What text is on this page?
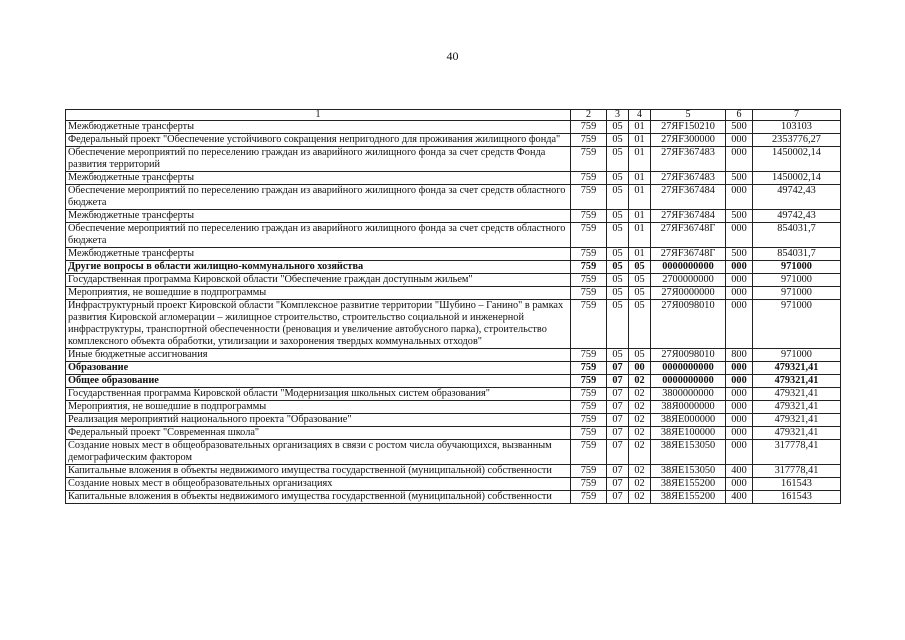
40
1	2	3	4	5	6	7
Межбюджетные трансферты	759	05	01	27ЯF150210	500	103103
Федеральный проект "Обеспечение устойчивого сокращения непригодного для проживания жилищного фонда"	759	05	01	27ЯF300000	000	2353776,27
Обеспечение мероприятий по переселению граждан из аварийного жилищного фонда за счет средств Фонда развития территорий	759	05	01	27ЯF367483	000	1450002,14
Межбюджетные трансферты	759	05	01	27ЯF367483	500	1450002,14
Обеспечение мероприятий по переселению граждан из аварийного жилищного фонда за счет средств областного бюджета	759	05	01	27ЯF367484	000	49742,43
Межбюджетные трансферты	759	05	01	27ЯF367484	500	49742,43
Обеспечение мероприятий по переселению граждан из аварийного жилищного фонда за счет средств областного бюджета	759	05	01	27ЯF36748Г	000	854031,7
Межбюджетные трансферты	759	05	01	27ЯF36748Г	500	854031,7
Другие вопросы в области жилищно-коммунального хозяйства	759	05	05	0000000000	000	971000
Государственная программа Кировской области "Обеспечение граждан доступным жильем"	759	05	05	2700000000	000	971000
Мероприятия, не вошедшие в подпрограммы	759	05	05	27Я0000000	000	971000
Инфраструктурный проект Кировской области "Комплексное развитие территории "Шубино – Ганино" в рамках развития Кировской агломерации – жилищное строительство, строительство социальной и инженерной инфраструктуры, транспортной обеспеченности (реновация и увеличение автобусного парка), строительство комплексного объекта обработки, утилизации и захоронения твердых коммунальных отходов"	759	05	05	27Я0098010	000	971000
Иные бюджетные ассигнования	759	05	05	27Я0098010	800	971000
Образование	759	07	00	0000000000	000	479321,41
Общее образование	759	07	02	0000000000	000	479321,41
Государственная программа Кировской области "Модернизация школьных систем образования"	759	07	02	3800000000	000	479321,41
Мероприятия, не вошедшие в подпрограммы	759	07	02	38Я0000000	000	479321,41
Реализация мероприятий национального проекта "Образование"	759	07	02	38ЯЕ000000	000	479321,41
Федеральный проект "Современная школа"	759	07	02	38ЯЕ100000	000	479321,41
Создание новых мест в общеобразовательных организациях в связи с ростом числа обучающихся, вызванным демографическим фактором	759	07	02	38ЯЕ153050	000	317778,41
Капитальные вложения в объекты недвижимого имущества государственной (муниципальной) собственности	759	07	02	38ЯЕ153050	400	317778,41
Создание новых мест в общеобразовательных организациях	759	07	02	38ЯЕ155200	000	161543
Капитальные вложения в объекты недвижимого имущества государственной (муниципальной) собственности	759	07	02	38ЯЕ155200	400	161543
